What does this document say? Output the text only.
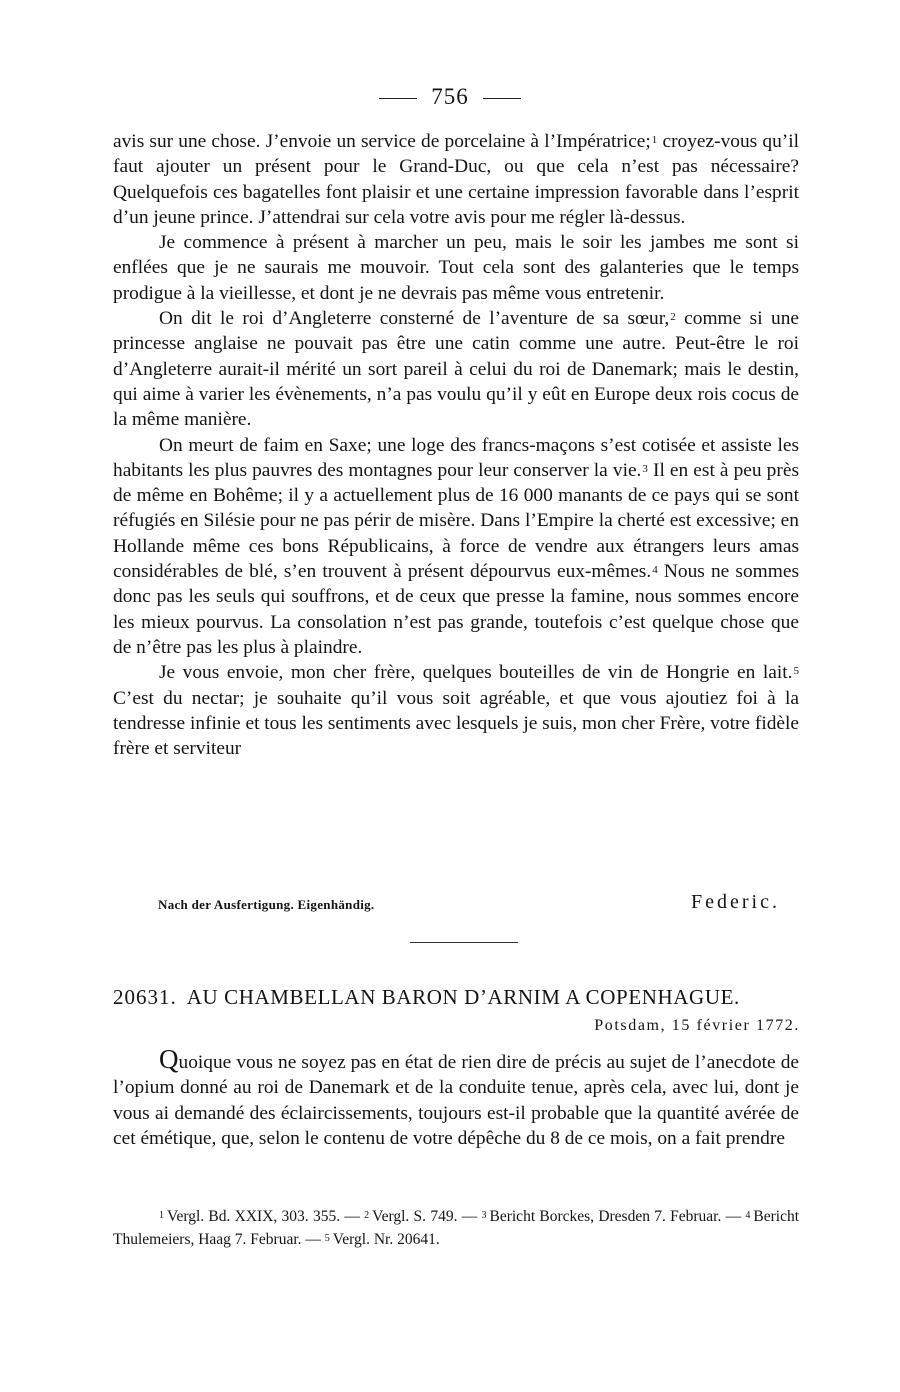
756

avis sur une chose. J’envoie un service de porcelaine à l’Impératrice;$^1$ croyez-vous qu’il faut ajouter un présent pour le Grand-Duc, ou que cela n’est pas nécessaire? Quelquefois ces bagatelles font plaisir et une certaine impression favorable dans l’esprit d’un jeune prince. J’attendrai sur cela votre avis pour me régler là-dessus.

Je commence à présent à marcher un peu, mais le soir les jambes me sont si enflées que je ne saurais me mouvoir. Tout cela sont des galanteries que le temps prodigue à la vieillesse, et dont je ne devrais pas même vous entretenir.

On dit le roi d’Angleterre consterné de l’aventure de sa sœur,$^2$ comme si une princesse anglaise ne pouvait pas être une catin comme une autre. Peut-être le roi d’Angleterre aurait-il mérité un sort pareil à celui du roi de Danemark; mais le destin, qui aime à varier les évènements, n’a pas voulu qu’il y eût en Europe deux rois cocus de la même manière.

On meurt de faim en Saxe; une loge des francs-maçons s’est cotisée et assiste les habitants les plus pauvres des montagnes pour leur conserver la vie.$^3$ Il en est à peu près de même en Bohême; il y a actuellement plus de 16 000 manants de ce pays qui se sont réfugiés en Silésie pour ne pas périr de misère. Dans l’Empire la cherté est excessive; en Hollande même ces bons Républicains, à force de vendre aux étrangers leurs amas considérables de blé, s’en trouvent à présent dépourvus eux-mêmes.$^4$ Nous ne sommes donc pas les seuls qui souffrons, et de ceux que presse la famine, nous sommes encore les mieux pourvus. La consolation n’est pas grande, toutefois c’est quelque chose que de n’être pas les plus à plaindre.

Je vous envoie, mon cher frère, quelques bouteilles de vin de Hongrie en lait.$^5$ C’est du nectar; je souhaite qu’il vous soit agréable, et que vous ajoutiez foi à la tendresse infinie et tous les sentiments avec lesquels je suis, mon cher Frère, votre fidèle frère et serviteur

Nach der Ausfertigung. Eigenhändig.	Federic.
20631. AU CHAMBELLAN BARON D’ARNIM A COPENHAGUE.
Potsdam, 15 février 1772.

Quoique vous ne soyez pas en état de rien dire de précis au sujet de l’anecdote de l’opium donné au roi de Danemark et de la conduite tenue, après cela, avec lui, dont je vous ai demandé des éclaircissements, toujours est-il probable que la quantité avérée de cet émétique, que, selon le contenu de votre dépêche du 8 de ce mois, on a fait prendre

$^1$ Vergl. Bd. XXIX, 303. 355. — $^2$ Vergl. S. 749. — $^3$ Bericht Borckes, Dresden 7. Februar. — $^4$ Bericht Thulemeiers, Haag 7. Februar. — $^5$ Vergl. Nr. 20641.
